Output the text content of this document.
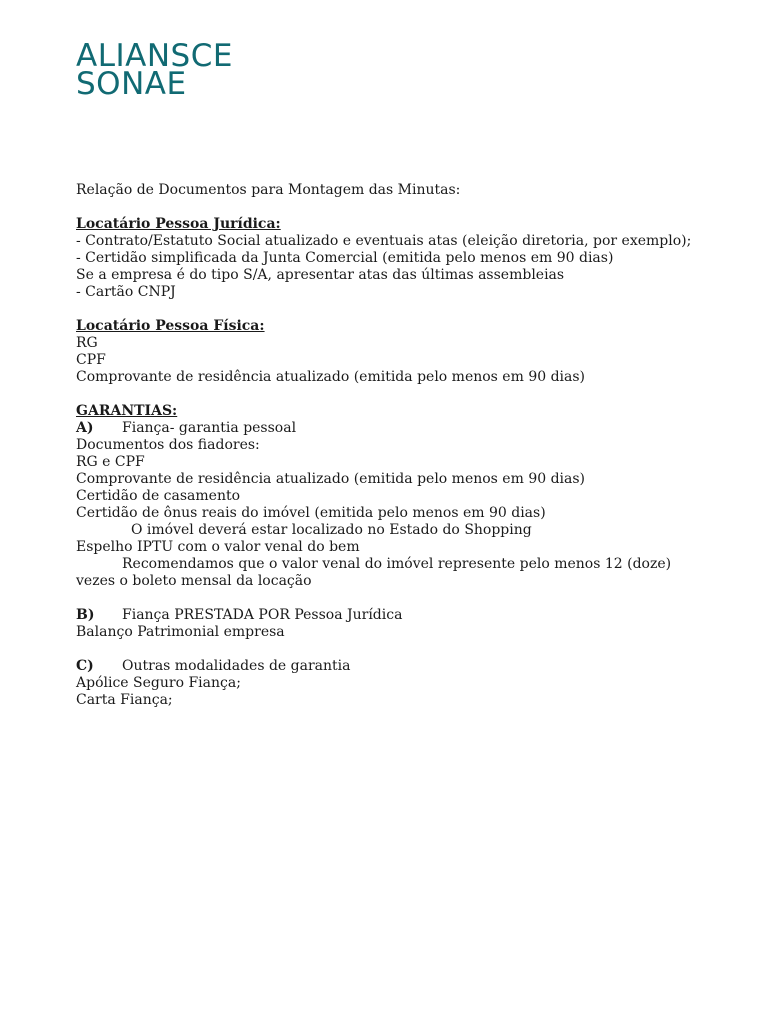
ALIANSCE
SONAE
Relação de Documentos para Montagem das Minutas:
Locatário Pessoa Jurídica:
- Contrato/Estatuto Social atualizado e eventuais atas (eleição diretoria, por exemplo);
- Certidão simplificada da Junta Comercial (emitida pelo menos em 90 dias)
Se a empresa é do tipo S/A, apresentar atas das últimas assembleias
- Cartão CNPJ
Locatário Pessoa Física:
RG
CPF
Comprovante de residência atualizado (emitida pelo menos em 90 dias)
GARANTIAS:
A) Fiança- garantia pessoal
Documentos dos fiadores:
RG e CPF
Comprovante de residência atualizado (emitida pelo menos em 90 dias)
Certidão de casamento
Certidão de ônus reais do imóvel (emitida pelo menos em 90 dias)
O imóvel deverá estar localizado no Estado do Shopping
Espelho IPTU com o valor venal do bem
Recomendamos que o valor venal do imóvel represente pelo menos 12 (doze)
vezes o boleto mensal da locação
B) Fiança PRESTADA POR Pessoa Jurídica
Balanço Patrimonial empresa
C) Outras modalidades de garantia
Apólice Seguro Fiança;
Carta Fiança;
